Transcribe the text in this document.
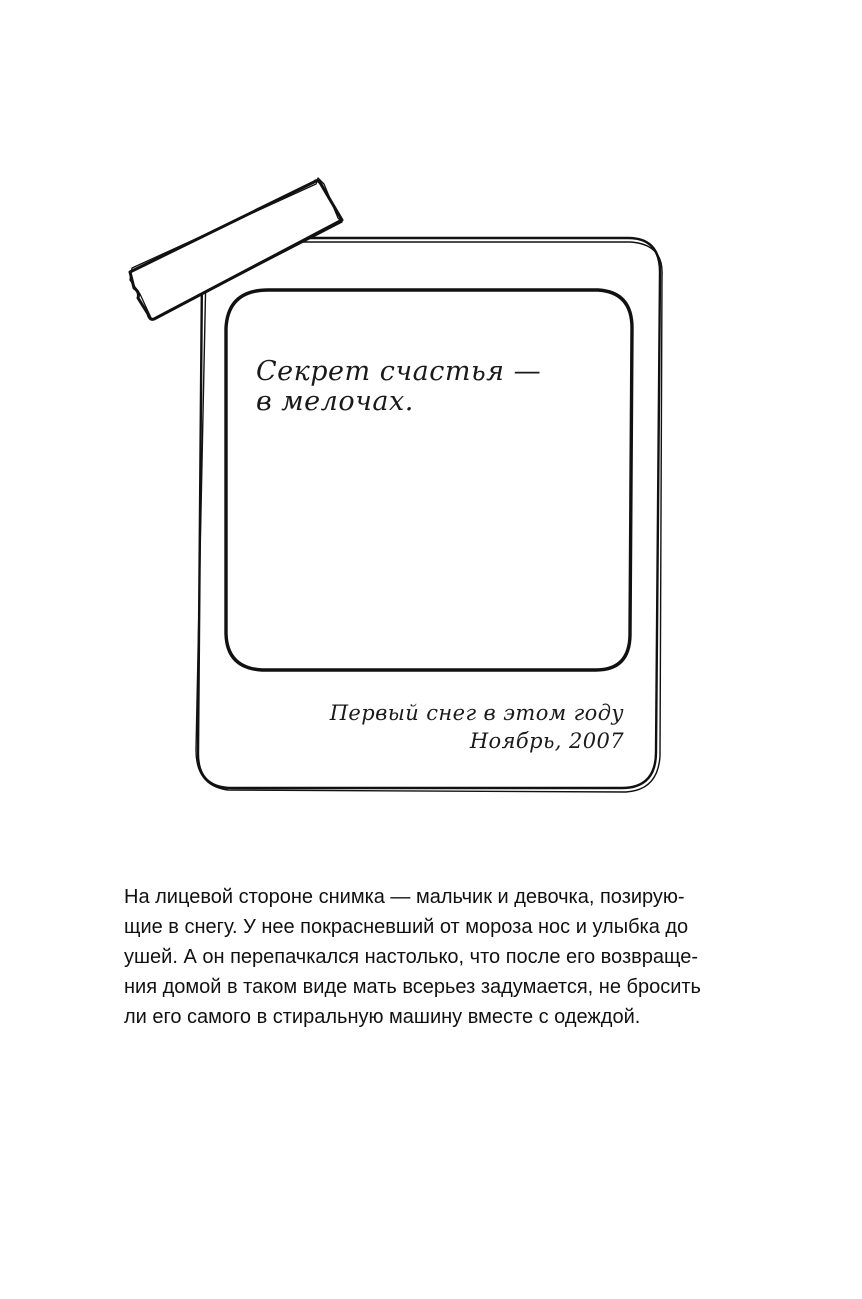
Секрет счастья —
в мелочах.
Первый снег в этом году
Ноябрь, 2007

На лицевой стороне снимка — мальчик и девочка, позирую-
щие в снегу. У нее покрасневший от мороза нос и улыбка до
ушей. А он перепачкался настолько, что после его возвраще-
ния домой в таком виде мать всерьез задумается, не бросить
ли его самого в стиральную машину вместе с одеждой.
